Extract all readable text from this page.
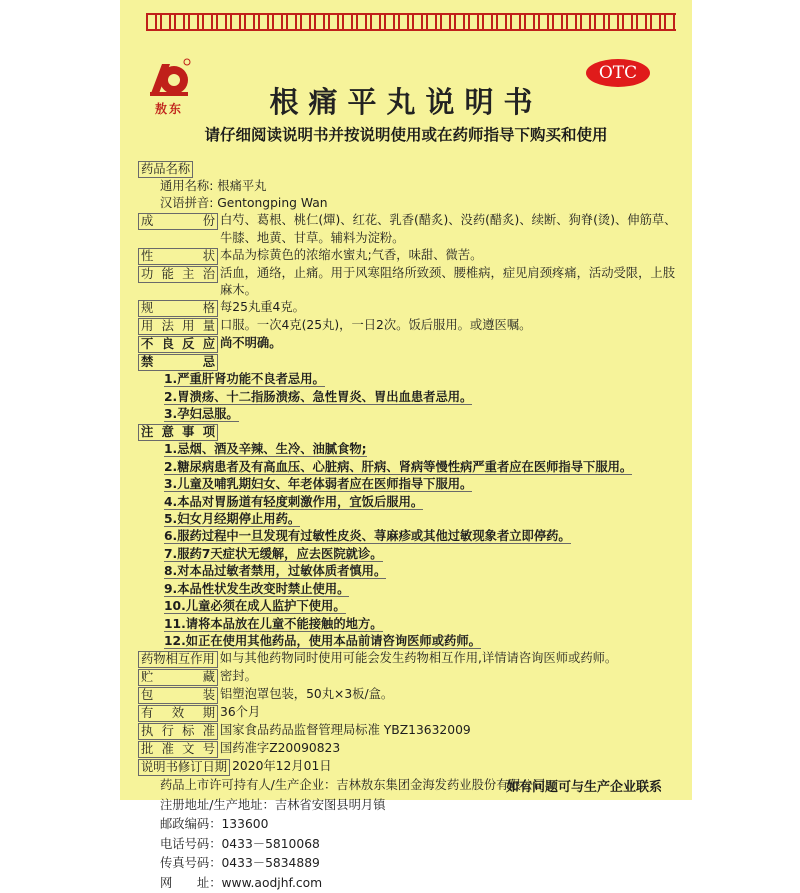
敖东
OTC
根痛平丸说明书
请仔细阅读说明书并按说明使用或在药师指导下购买和使用
药品名称
通用名称: 根痛平丸
汉语拼音: Gentongping Wan
成　份 白芍、葛根、桃仁(燀)、红花、乳香(醋炙)、没药(醋炙)、续断、狗脊(烫)、伸筋草、牛膝、地黄、甘草。辅料为淀粉。
性　状 本品为棕黄色的浓缩水蜜丸;气香，味甜、微苦。
功能主治 活血，通络，止痛。用于风寒阻络所致颈、腰椎病，症见肩颈疼痛，活动受限，上肢麻木。
规　格 每25丸重4克。
用法用量 口服。一次4克(25丸)，一日2次。饭后服用。或遵医嘱。
不良反应 尚不明确。
禁　忌
1.严重肝肾功能不良者忌用。
2.胃溃疡、十二指肠溃疡、急性胃炎、胃出血患者忌用。
3.孕妇忌服。
注意事项
1.忌烟、酒及辛辣、生冷、油腻食物;
2.糖尿病患者及有高血压、心脏病、肝病、肾病等慢性病严重者应在医师指导下服用。
3.儿童及哺乳期妇女、年老体弱者应在医师指导下服用。
4.本品对胃肠道有轻度刺激作用，宜饭后服用。
5.妇女月经期停止用药。
6.服药过程中一旦发现有过敏性皮炎、荨麻疹或其他过敏现象者立即停药。
7.服药7天症状无缓解，应去医院就诊。
8.对本品过敏者禁用，过敏体质者慎用。
9.本品性状发生改变时禁止使用。
10.儿童必须在成人监护下使用。
11.请将本品放在儿童不能接触的地方。
12.如正在使用其他药品，使用本品前请咨询医师或药师。
药物相互作用 如与其他药物同时使用可能会发生药物相互作用,详情请咨询医师或药师。
贮　藏 密封。
包　装 铝塑泡罩包装，50丸×3板/盒。
有效期 36个月
执行标准 国家食品药品监督管理局标准 YBZ13632009
批准文号 国药准字Z20090823
说明书修订日期 2020年12月01日
药品上市许可持有人/生产企业：吉林敖东集团金海发药业股份有限公司
注册地址/生产地址：吉林省安图县明月镇
邮政编码：133600
电话号码：0433－5810068
传真号码：0433－5834889
网　　址：www.aodjhf.com
如有问题可与生产企业联系
